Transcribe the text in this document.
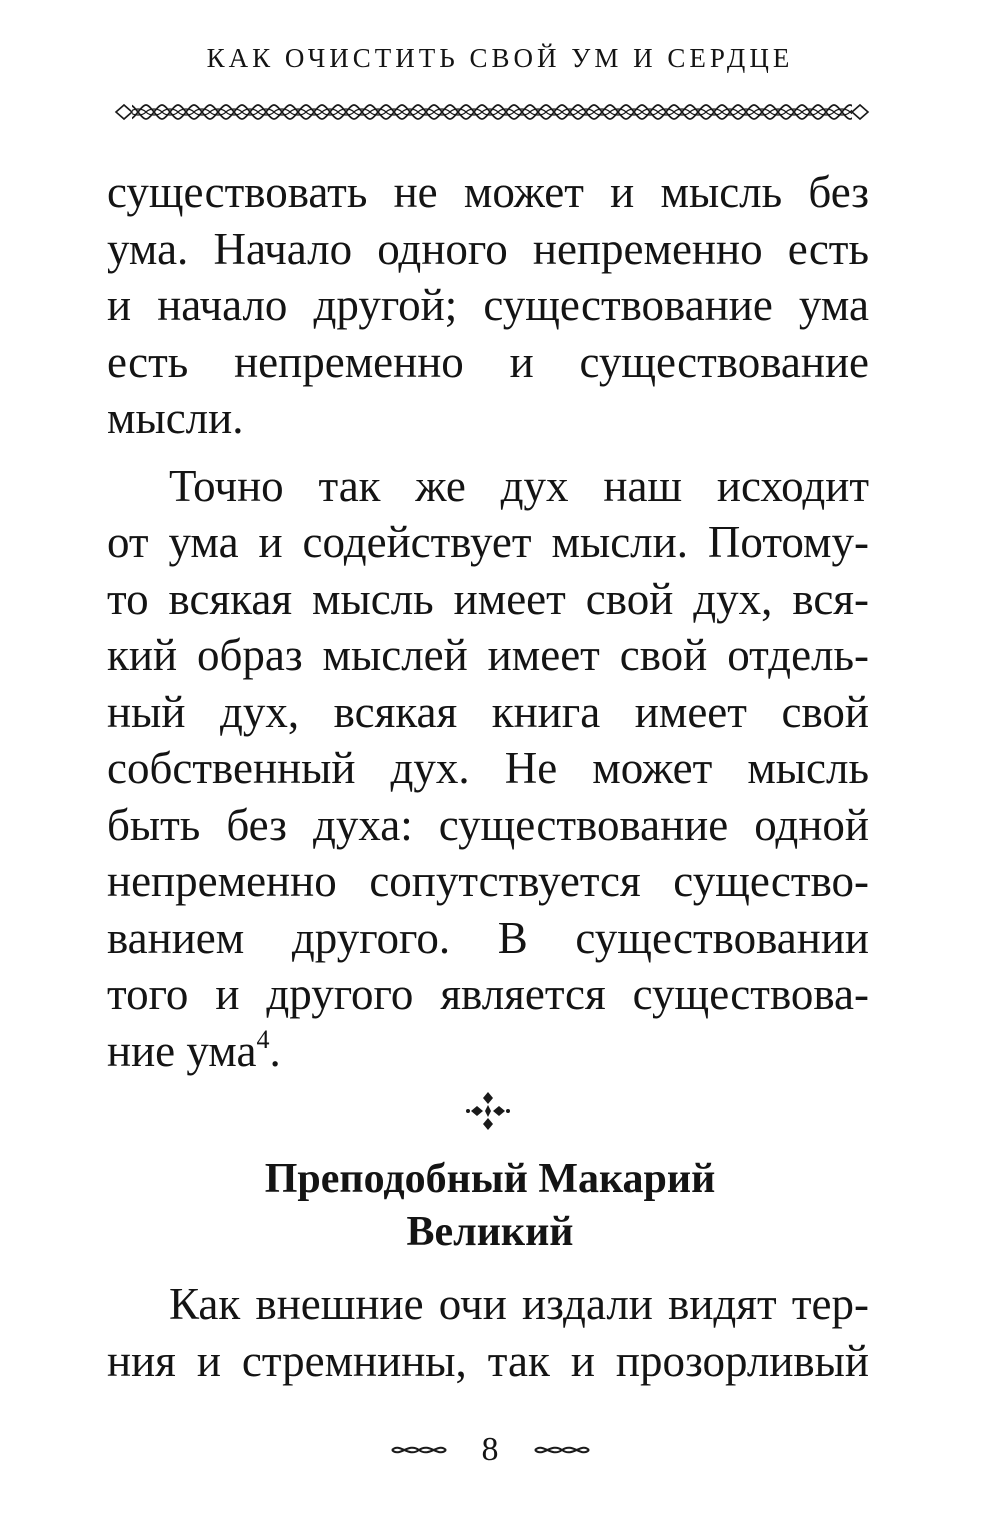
КАК ОЧИСТИТЬ СВОЙ УМ И СЕРДЦЕ

существовать не может и мысль без
ума. Начало одного непременно есть
и начало другой; существование ума
есть непременно и существование
мысли.

Точно так же дух наш исходит
от ума и содействует мысли. Потому-
то всякая мысль имеет свой дух, вся-
кий образ мыслей имеет свой отдель-
ный дух, всякая книга имеет свой
собственный дух. Не может мысль
быть без духа: существование одной
непременно сопутствуется существо-
ванием другого. В существовании
того и другого является существова-
ние ума$^4$.

Преподобный Макарий
Великий
Как внешние очи издали видят тер-
ния и стремнины, так и прозорливый
8
